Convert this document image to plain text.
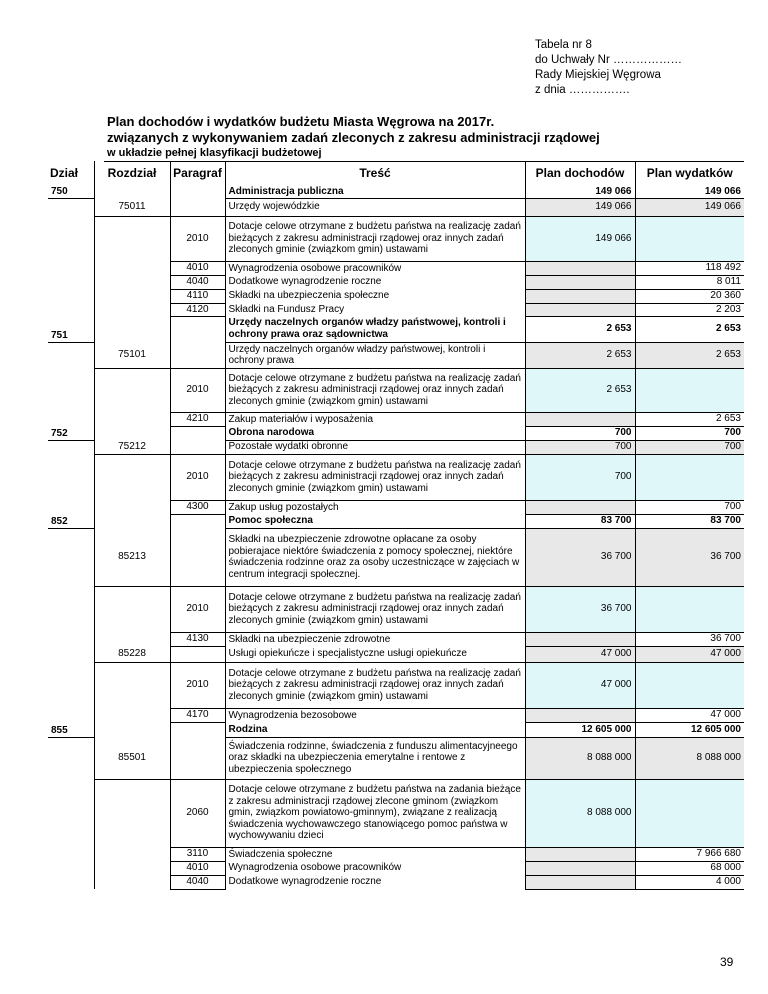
Tabela nr 8
do Uchwały Nr ………………
Rady Miejskiej Węgrowa
z dnia …………….
Plan dochodów i wydatków budżetu Miasta Węgrowa na 2017r.
związanych z wykonywaniem zadań zleconych z zakresu administracji rządowej
w układzie pełnej klasyfikacji budżetowej
Dział	Rozdział	Paragraf	Treść	Plan dochodów	Plan wydatków
750			Administracja publiczna	149 066	149 066
	75011		Urzędy wojewódzkie	149 066	149 066
		2010	Dotacje celowe otrzymane z budżetu państwa na realizację zadań bieżących z zakresu administracji rządowej oraz innych zadań zleconych gminie (związkom gmin) ustawami	149 066	
		4010	Wynagrodzenia osobowe pracowników		118 492
		4040	Dodatkowe wynagrodzenie roczne		8 011
		4110	Składki na ubezpieczenia społeczne		20 360
		4120	Składki na Fundusz Pracy		2 203
751			Urzędy naczelnych organów władzy państwowej, kontroli i ochrony prawa oraz sądownictwa	2 653	2 653
	75101		Urzędy naczelnych organów władzy państwowej, kontroli i ochrony prawa	2 653	2 653
		2010	Dotacje celowe otrzymane z budżetu państwa na realizację zadań bieżących z zakresu administracji rządowej oraz innych zadań zleconych gminie (związkom gmin) ustawami	2 653	
		4210	Zakup materiałów i wyposażenia		2 653
752			Obrona narodowa	700	700
	75212		Pozostałe wydatki obronne	700	700
		2010	Dotacje celowe otrzymane z budżetu państwa na realizację zadań bieżących z zakresu administracji rządowej oraz innych zadań zleconych gminie (związkom gmin) ustawami	700	
		4300	Zakup usług pozostałych		700
852			Pomoc społeczna	83 700	83 700
	85213		Składki na ubezpieczenie zdrowotne opłacane za osoby pobierajace niektóre świadczenia z pomocy społecznej, niektóre świadczenia rodzinne oraz za osoby uczestniczące w zajęciach w centrum integracji społecznej.	36 700	36 700
		2010	Dotacje celowe otrzymane z budżetu państwa na realizację zadań bieżących z zakresu administracji rządowej oraz innych zadań zleconych gminie (związkom gmin) ustawami	36 700	
		4130	Składki na ubezpieczenie zdrowotne		36 700
	85228		Usługi opiekuńcze i specjalistyczne usługi opiekuńcze	47 000	47 000
		2010	Dotacje celowe otrzymane z budżetu państwa na realizację zadań bieżących z zakresu administracji rządowej oraz innych zadań zleconych gminie (związkom gmin) ustawami	47 000	
		4170	Wynagrodzenia bezosobowe		47 000
855			Rodzina	12 605 000	12 605 000
	85501		Świadczenia rodzinne, świadczenia z funduszu alimentacyjneego oraz składki na ubezpieczenia emerytalne i rentowe z ubezpieczenia społecznego	8 088 000	8 088 000
		2060	Dotacje celowe otrzymane z budżetu państwa na zadania bieżące z zakresu administracji rządowej zlecone gminom (związkom gmin, związkom powiatowo-gminnym), związane z realizacją świadczenia wychowawczego stanowiącego pomoc państwa w wychowywaniu dzieci	8 088 000	
		3110	Świadczenia społeczne		7 966 680
		4010	Wynagrodzenia osobowe pracowników		68 000
		4040	Dodatkowe wynagrodzenie roczne		4 000
39
